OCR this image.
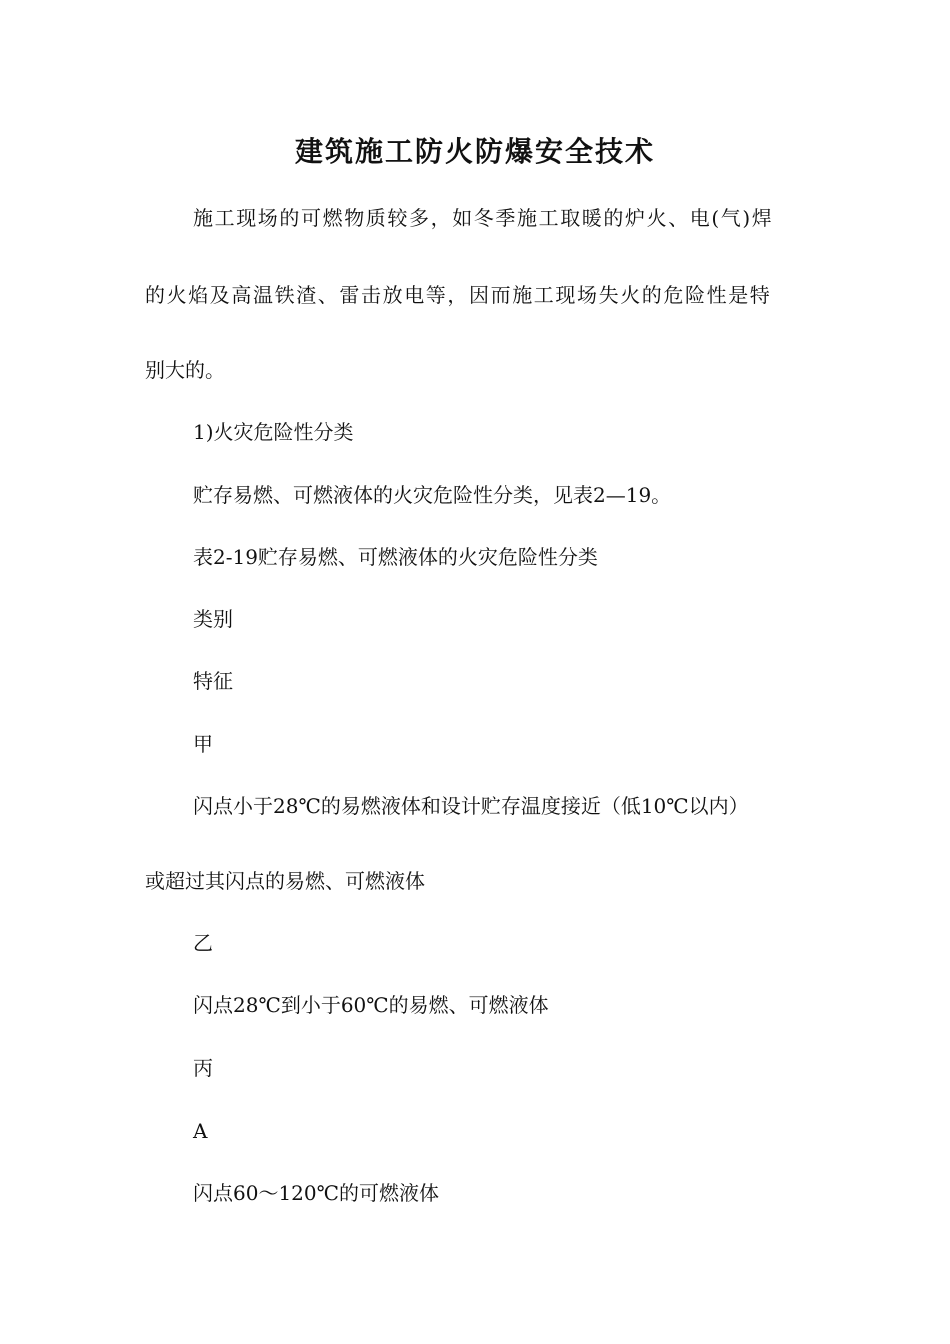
建筑施工防火防爆安全技术

施工现场的可燃物质较多，如冬季施工取暖的炉火、电(气)焊

的火焰及高温铁渣、雷击放电等，因而施工现场失火的危险性是特

别大的。

1)火灾危险性分类

贮存易燃、可燃液体的火灾危险性分类，见表2—19。

表2-19贮存易燃、可燃液体的火灾危险性分类

类别

特征

甲

闪点小于28℃的易燃液体和设计贮存温度接近（低10℃以内）

或超过其闪点的易燃、可燃液体

乙

闪点28℃到小于60℃的易燃、可燃液体

丙

A

闪点60～120℃的可燃液体
